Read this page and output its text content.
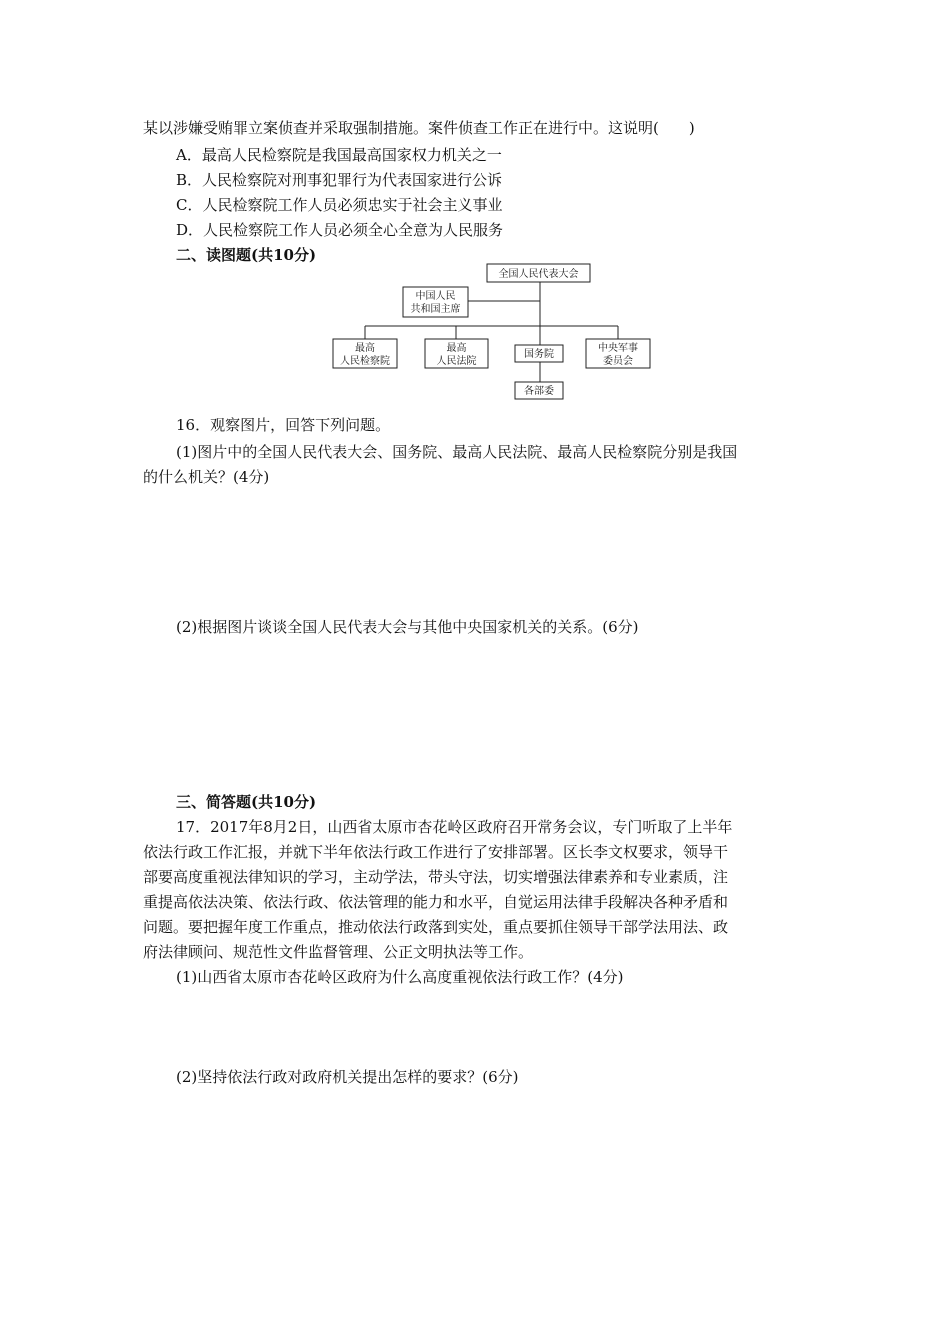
某以涉嫌受贿罪立案侦查并采取强制措施。案件侦查工作正在进行中。这说明(　　)
A．最高人民检察院是我国最高国家权力机关之一
B．人民检察院对刑事犯罪行为代表国家进行公诉
C．人民检察院工作人员必须忠实于社会主义事业
D．人民检察院工作人员必须全心全意为人民服务
二、读图题(共10分)
全国人民代表大会
中国人民
共和国主席
最高
人民检察院
最高
人民法院
国务院
中央军事
委员会
各部委
16．观察图片，回答下列问题。
(1)图片中的全国人民代表大会、国务院、最高人民法院、最高人民检察院分别是我国
的什么机关？(4分)
(2)根据图片谈谈全国人民代表大会与其他中央国家机关的关系。(6分)
三、简答题(共10分)
17．2017年8月2日，山西省太原市杏花岭区政府召开常务会议，专门听取了上半年
依法行政工作汇报，并就下半年依法行政工作进行了安排部署。区长李文权要求，领导干
部要高度重视法律知识的学习，主动学法，带头守法，切实增强法律素养和专业素质，注
重提高依法决策、依法行政、依法管理的能力和水平，自觉运用法律手段解决各种矛盾和
问题。要把握年度工作重点，推动依法行政落到实处，重点要抓住领导干部学法用法、政
府法律顾问、规范性文件监督管理、公正文明执法等工作。
(1)山西省太原市杏花岭区政府为什么高度重视依法行政工作？(4分)
(2)坚持依法行政对政府机关提出怎样的要求？(6分)
